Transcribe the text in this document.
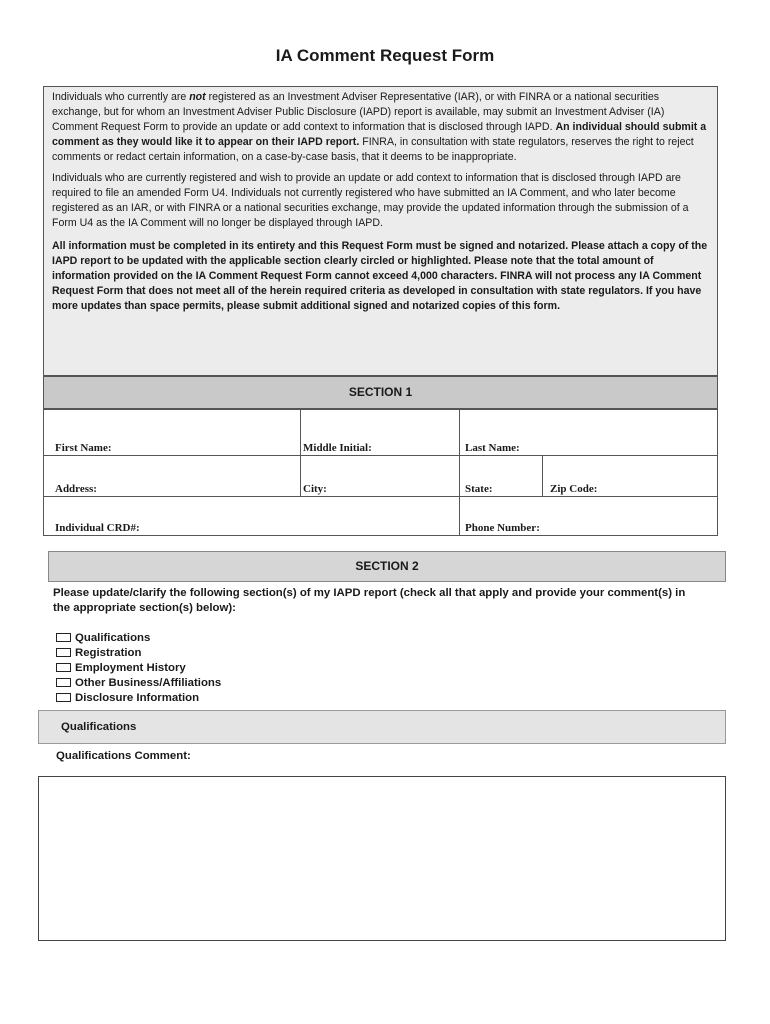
IA Comment Request Form

Individuals who currently are not registered as an Investment Adviser Representative (IAR), or with FINRA or a national securities exchange, but for whom an Investment Adviser Public Disclosure (IAPD) report is available, may submit an Investment Adviser (IA) Comment Request Form to provide an update or add context to information that is disclosed through IAPD. An individual should submit a comment as they would like it to appear on their IAPD report. FINRA, in consultation with state regulators, reserves the right to reject comments or redact certain information, on a case-by-case basis, that it deems to be inappropriate.

Individuals who are currently registered and wish to provide an update or add context to information that is disclosed through IAPD are required to file an amended Form U4. Individuals not currently registered who have submitted an IA Comment, and who later become registered as an IAR, or with FINRA or a national securities exchange, may provide the updated information through the submission of a Form U4 as the IA Comment will no longer be displayed through IAPD.

All information must be completed in its entirety and this Request Form must be signed and notarized. Please attach a copy of the IAPD report to be updated with the applicable section clearly circled or highlighted. Please note that the total amount of information provided on the IA Comment Request Form cannot exceed 4,000 characters. FINRA will not process any IA Comment Request Form that does not meet all of the herein required criteria as developed in consultation with state regulators. If you have more updates than space permits, please submit additional signed and notarized copies of this form.

SECTION 1
First Name:	Middle Initial:	Last Name:
Address:	City:	State:	Zip Code:
Individual CRD#:	Phone Number:
SECTION 2
Please update/clarify the following section(s) of my IAPD report (check all that apply and provide your comment(s) in the appropriate section(s) below):
Qualifications
Registration
Employment History
Other Business/Affiliations
Disclosure Information
Qualifications
Qualifications Comment:
